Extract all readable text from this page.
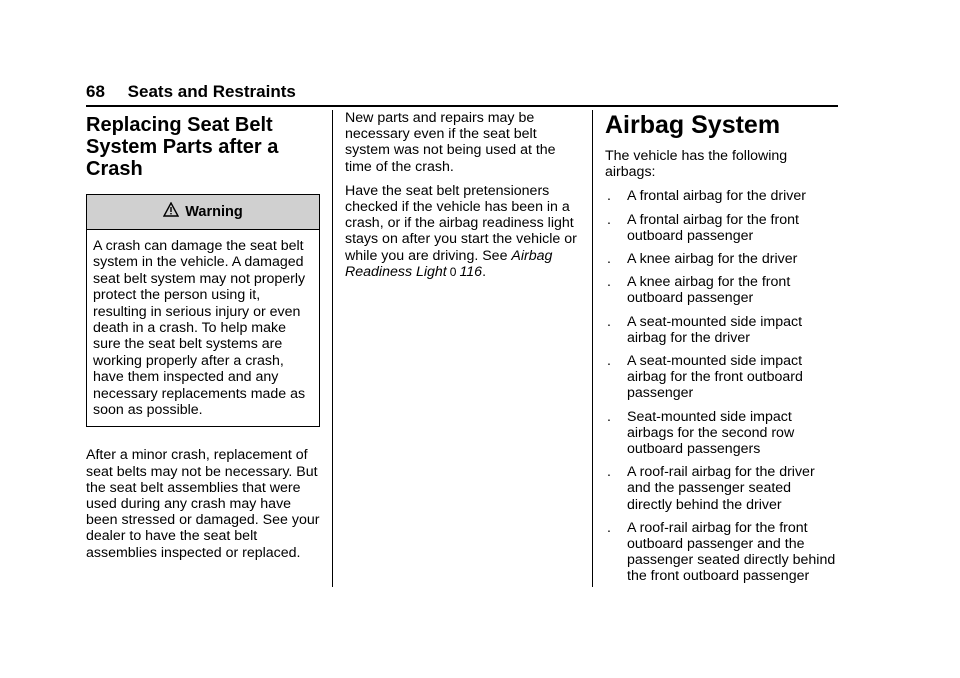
68 Seats and Restraints
Replacing Seat Belt System Parts after a Crash
Warning
A crash can damage the seat belt system in the vehicle. A damaged seat belt system may not properly protect the person using it, resulting in serious injury or even death in a crash. To help make sure the seat belt systems are working properly after a crash, have them inspected and any necessary replacements made as soon as possible.

After a minor crash, replacement of seat belts may not be necessary. But the seat belt assemblies that were used during any crash may have been stressed or damaged. See your dealer to have the seat belt assemblies inspected or replaced.

New parts and repairs may be necessary even if the seat belt system was not being used at the time of the crash.

Have the seat belt pretensioners checked if the vehicle has been in a crash, or if the airbag readiness light stays on after you start the vehicle or while you are driving. See Airbag Readiness Light 0 116.

Airbag System

The vehicle has the following airbags:

. A frontal airbag for the driver
. A frontal airbag for the front outboard passenger
. A knee airbag for the driver
. A knee airbag for the front outboard passenger
. A seat-mounted side impact airbag for the driver
. A seat-mounted side impact airbag for the front outboard passenger
. Seat-mounted side impact airbags for the second row outboard passengers
. A roof-rail airbag for the driver and the passenger seated directly behind the driver
. A roof-rail airbag for the front outboard passenger and the passenger seated directly behind the front outboard passenger
